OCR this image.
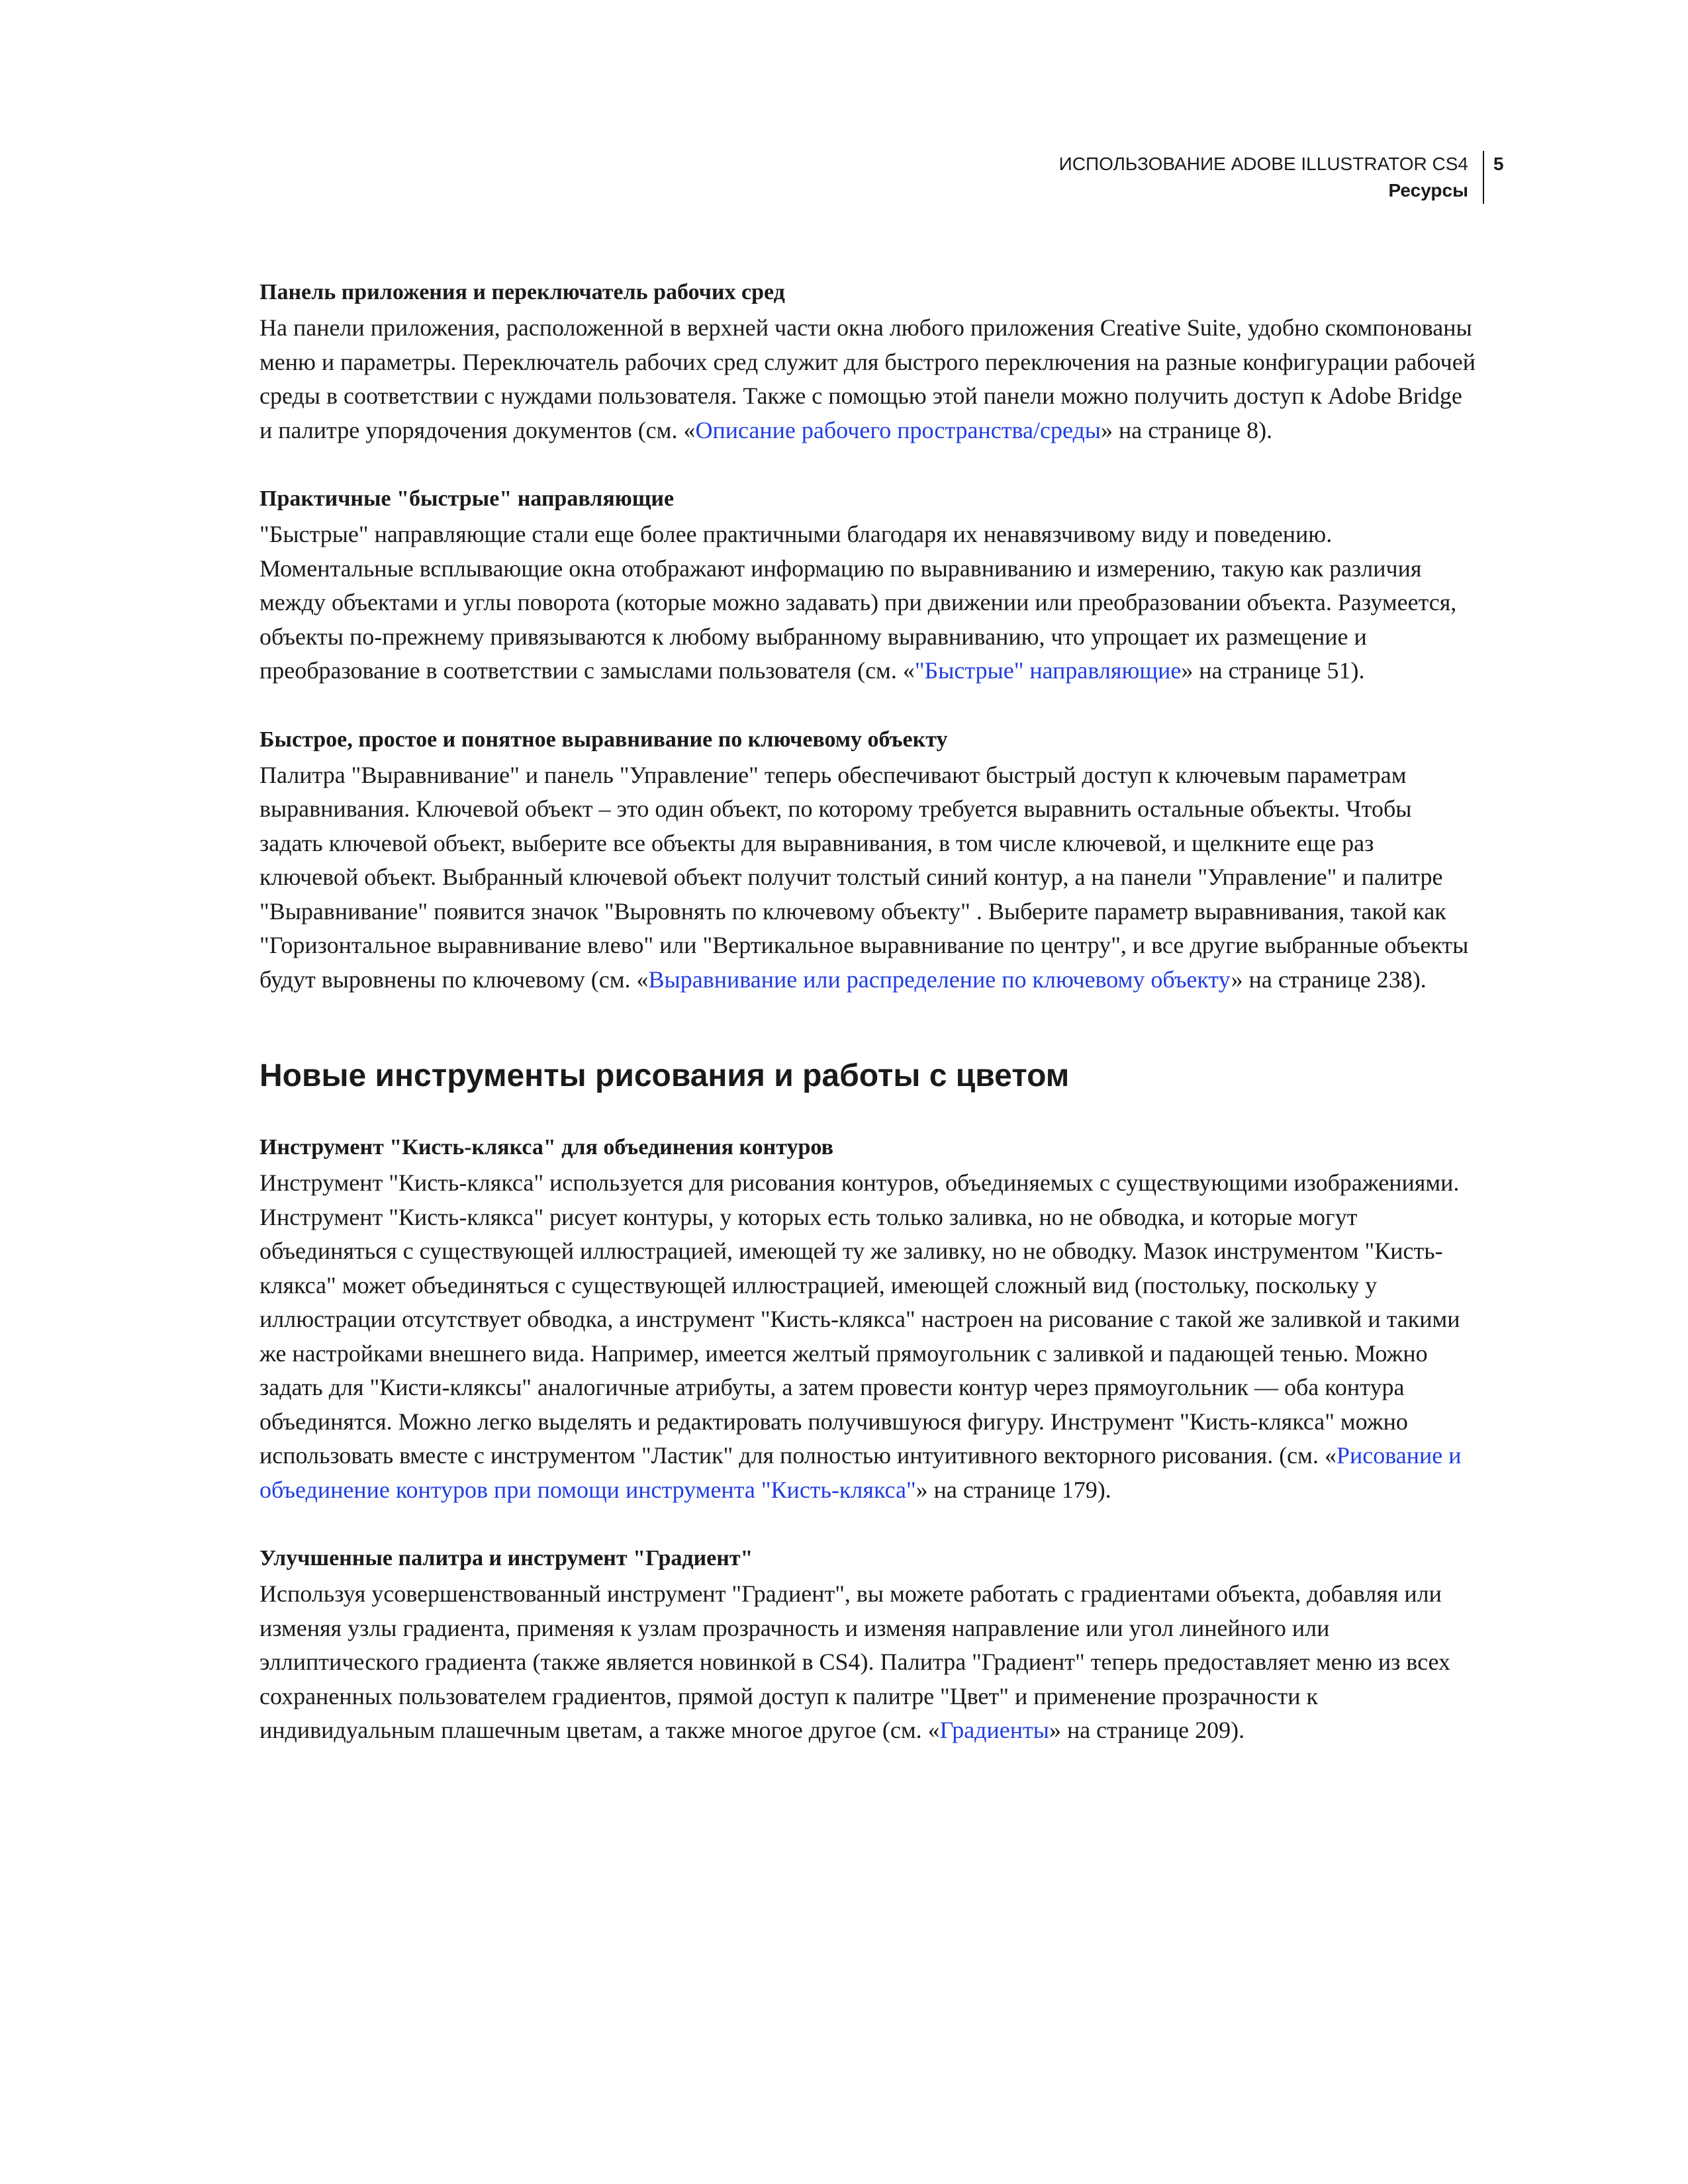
ИСПОЛЬЗОВАНИЕ ADOBE ILLUSTRATOR CS4
Ресурсы
5
Панель приложения и переключатель рабочих сред

На панели приложения, расположенной в верхней части окна любого приложения Creative Suite, удобно скомпонованы меню и параметры. Переключатель рабочих сред служит для быстрого переключения на разные конфигурации рабочей среды в соответствии с нуждами пользователя. Также с помощью этой панели можно получить доступ к Adobe Bridge и палитре упорядочения документов (см. «Описание рабочего пространства/среды» на странице 8).

Практичные "быстрые" направляющие

"Быстрые" направляющие стали еще более практичными благодаря их ненавязчивому виду и поведению. Моментальные всплывающие окна отображают информацию по выравниванию и измерению, такую как различия между объектами и углы поворота (которые можно задавать) при движении или преобразовании объекта. Разумеется, объекты по-прежнему привязываются к любому выбранному выравниванию, что упрощает их размещение и преобразование в соответствии с замыслами пользователя (см. «"Быстрые" направляющие» на странице 51).

Быстрое, простое и понятное выравнивание по ключевому объекту

Палитра "Выравнивание" и панель "Управление" теперь обеспечивают быстрый доступ к ключевым параметрам выравнивания. Ключевой объект – это один объект, по которому требуется выравнить остальные объекты. Чтобы задать ключевой объект, выберите все объекты для выравнивания, в том числе ключевой, и щелкните еще раз ключевой объект. Выбранный ключевой объект получит толстый синий контур, а на панели "Управление" и палитре "Выравнивание" появится значок "Выровнять по ключевому объекту" . Выберите параметр выравнивания, такой как "Горизонтальное выравнивание влево" или "Вертикальное выравнивание по центру", и все другие выбранные объекты будут выровнены по ключевому (см. «Выравнивание или распределение по ключевому объекту» на странице 238).

Новые инструменты рисования и работы с цветом
Инструмент "Кисть-клякса" для объединения контуров

Инструмент "Кисть-клякса" используется для рисования контуров, объединяемых с существующими изображениями. Инструмент "Кисть-клякса" рисует контуры, у которых есть только заливка, но не обводка, и которые могут объединяться с существующей иллюстрацией, имеющей ту же заливку, но не обводку. Мазок инструментом "Кисть-клякса" может объединяться с существующей иллюстрацией, имеющей сложный вид (постольку, поскольку у иллюстрации отсутствует обводка, а инструмент "Кисть-клякса" настроен на рисование с такой же заливкой и такими же настройками внешнего вида. Например, имеется желтый прямоугольник с заливкой и падающей тенью. Можно задать для "Кисти-кляксы" аналогичные атрибуты, а затем провести контур через прямоугольник — оба контура объединятся. Можно легко выделять и редактировать получившуюся фигуру. Инструмент "Кисть-клякса" можно использовать вместе с инструментом "Ластик" для полностью интуитивного векторного рисования. (см. «Рисование и объединение контуров при помощи инструмента "Кисть-клякса"» на странице 179).

Улучшенные палитра и инструмент "Градиент"

Используя усовершенствованный инструмент "Градиент", вы можете работать с градиентами объекта, добавляя или изменяя узлы градиента, применяя к узлам прозрачность и изменяя направление или угол линейного или эллиптического градиента (также является новинкой в CS4). Палитра "Градиент" теперь предоставляет меню из всех сохраненных пользователем градиентов, прямой доступ к палитре "Цвет" и применение прозрачности к индивидуальным плашечным цветам, а также многое другое (см. «Градиенты» на странице 209).
